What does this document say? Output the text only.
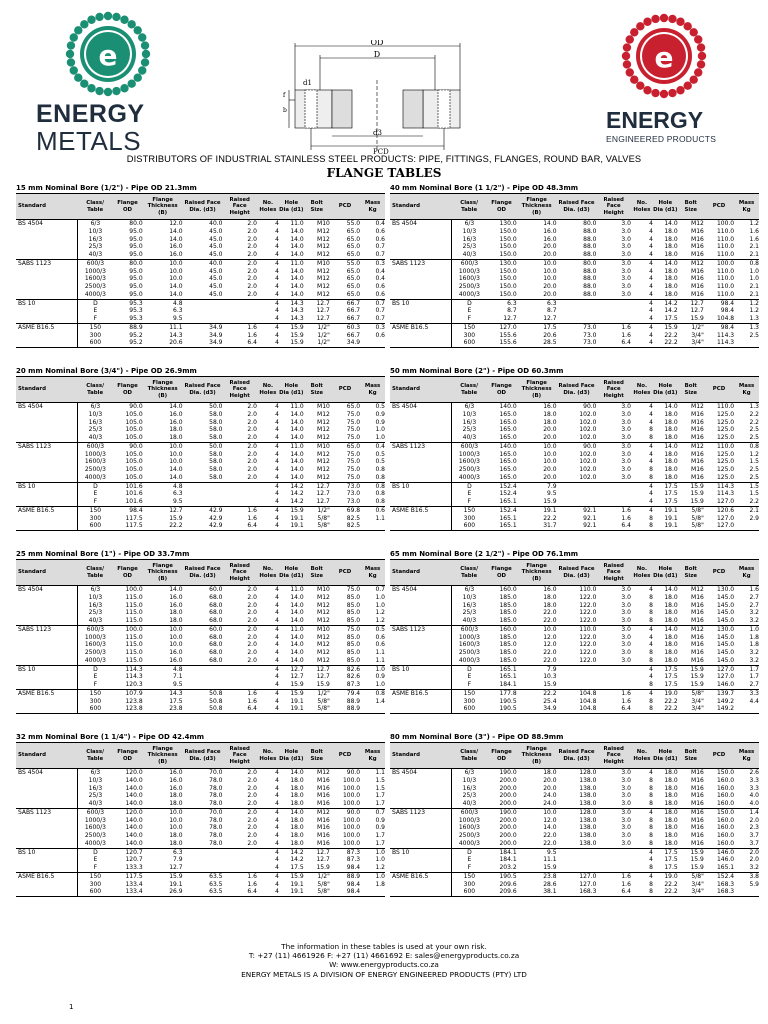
e
ENERGY
METALS
OD
D
d1
d3
PCD
b
f
e
ENERGY
ENGINEERED PRODUCTS
DISTRIBUTORS OF INDUSTRIAL STAINLESS STEEL PRODUCTS: PIPE, FITTINGS, FLANGES, ROUND BAR, VALVES
FLANGE TABLES
15 mm Nominal Bore (1/2") - Pipe OD 21.3mm
Standard	Class/ Table	Flange OD	Flange Thickness (B)	Raised Face Dia. (d3)	Raised Face Height	No. Holes	Hole Dia (d1)	Bolt Size	PCD	Mass Kg
BS 4504	6/3	80.0	12.0	40.0	2.0	4	11.0	M10	55.0	0.4
	10/3	95.0	14.0	45.0	2.0	4	14.0	M12	65.0	0.6
	16/3	95.0	14.0	45.0	2.0	4	14.0	M12	65.0	0.6
	25/3	95.0	16.0	45.0	2.0	4	14.0	M12	65.0	0.7
	40/3	95.0	16.0	45.0	2.0	4	14.0	M12	65.0	0.7
SABS 1123	600/3	80.0	10.0	40.0	2.0	4	11.0	M10	55.0	0.3
	1000/3	95.0	10.0	45.0	2.0	4	14.0	M12	65.0	0.4
	1600/3	95.0	10.0	45.0	2.0	4	14.0	M12	65.0	0.4
	2500/3	95.0	14.0	45.0	2.0	4	14.0	M12	65.0	0.6
	4000/3	95.0	14.0	45.0	2.0	4	14.0	M12	65.0	0.6
BS 10	D	95.3	4.8			4	14.3	12.7	66.7	0.7
	E	95.3	6.3			4	14.3	12.7	66.7	0.7
	F	95.3	9.5			4	14.3	12.7	66.7	0.7
ASME B16.5	150	88.9	11.1	34.9	1.6	4	15.9	1/2"	60.3	0.3
	300	95.2	14.3	34.9	1.6	4	15.9	1/2"	66.7	0.6
	600	95.2	20.6	34.9	6.4	4	15.9	1/2"	34.9	
40 mm Nominal Bore (1 1/2") - Pipe OD 48.3mm
Standard	Class/ Table	Flange OD	Flange Thickness (B)	Raised Face Dia. (d3)	Raised Face Height	No. Holes	Hole Dia (d1)	Bolt Size	PCD	Mass Kg
BS 4504	6/3	130.0	14.0	80.0	3.0	4	14.0	M12	100.0	1.2
	10/3	150.0	16.0	88.0	3.0	4	18.0	M16	110.0	1.6
	16/3	150.0	16.0	88.0	3.0	4	18.0	M16	110.0	1.6
	25/3	150.0	20.0	88.0	3.0	4	18.0	M16	110.0	2.1
	40/3	150.0	20.0	88.0	3.0	4	18.0	M16	110.0	2.1
SABS 1123	600/3	130.0	10.0	80.0	3.0	4	14.0	M12	100.0	0.8
	1000/3	150.0	10.0	88.0	3.0	4	18.0	M16	110.0	1.0
	1600/3	150.0	10.0	88.0	3.0	4	18.0	M16	110.0	1.0
	2500/3	150.0	20.0	88.0	3.0	4	18.0	M16	110.0	2.1
	4000/3	150.0	20.0	88.0	3.0	4	18.0	M16	110.0	2.1
BS 10	D	6.3	6.3			4	14.2	12.7	98.4	1.2
	E	8.7	8.7			4	14.2	12.7	98.4	1.2
	F	12.7	12.7			4	17.5	15.9	104.8	1.3
ASME B16.5	150	127.0	17.5	73.0	1.6	4	15.9	1/2"	98.4	1.3
	300	155.6	20.6	73.0	1.6	4	22.2	3/4"	114.3	2.5
	600	155.6	28.5	73.0	6.4	4	22.2	3/4"	114.3	
20 mm Nominal Bore (3/4") - Pipe OD 26.9mm
Standard	Class/ Table	Flange OD	Flange Thickness (B)	Raised Face Dia. (d3)	Raised Face Height	No. Holes	Hole Dia (d1)	Bolt Size	PCD	Mass Kg
BS 4504	6/3	90.0	14.0	50.0	2.0	4	11.0	M10	65.0	0.5
	10/3	105.0	16.0	58.0	2.0	4	14.0	M12	75.0	0.9
	16/3	105.0	16.0	58.0	2.0	4	14.0	M12	75.0	0.9
	25/3	105.0	18.0	58.0	2.0	4	14.0	M12	75.0	1.0
	40/3	105.0	18.0	58.0	2.0	4	14.0	M12	75.0	1.0
SABS 1123	600/3	90.0	10.0	50.0	2.0	4	11.0	M10	65.0	0.4
	1000/3	105.0	10.0	58.0	2.0	4	14.0	M12	75.0	0.5
	1600/3	105.0	10.0	58.0	2.0	4	14.0	M12	75.0	0.5
	2500/3	105.0	14.0	58.0	2.0	4	14.0	M12	75.0	0.8
	4000/3	105.0	14.0	58.0	2.0	4	14.0	M12	75.0	0.8
BS 10	D	101.6	4.8			4	14.2	12.7	73.0	0.8
	E	101.6	6.3			4	14.2	12.7	73.0	0.8
	F	101.6	9.5			4	14.2	12.7	73.0	0.8
ASME B16.5	150	98.4	12.7	42.9	1.6	4	15.9	1/2"	69.8	0.6
	300	117.5	15.9	42.9	1.6	4	19.1	5/8"	82.5	1.1
	600	117.5	22.2	42.9	6.4	4	19.1	5/8"	82.5	
50 mm Nominal Bore (2") - Pipe OD 60.3mm
Standard	Class/ Table	Flange OD	Flange Thickness (B)	Raised Face Dia. (d3)	Raised Face Height	No. Holes	Hole Dia (d1)	Bolt Size	PCD	Mass Kg
BS 4504	6/3	140.0	16.0	90.0	3.0	4	14.0	M12	110.0	1.3
	10/3	165.0	18.0	102.0	3.0	4	18.0	M16	125.0	2.2
	16/3	165.0	18.0	102.0	3.0	4	18.0	M16	125.0	2.2
	25/3	165.0	20.0	102.0	3.0	8	18.0	M16	125.0	2.5
	40/3	165.0	20.0	102.0	3.0	8	18.0	M16	125.0	2.5
SABS 1123	600/3	140.0	10.0	90.0	3.0	4	14.0	M12	110.0	0.8
	1000/3	165.0	10.0	102.0	3.0	4	18.0	M16	125.0	1.2
	1600/3	165.0	10.0	102.0	3.0	4	18.0	M16	125.0	1.5
	2500/3	165.0	20.0	102.0	3.0	8	18.0	M16	125.0	2.5
	4000/3	165.0	20.0	102.0	3.0	8	18.0	M16	125.0	2.5
BS 10	D	152.4	7.9			4	17.5	15.9	114.3	1.5
	E	152.4	9.5			4	17.5	15.9	114.3	1.5
	F	165.1	15.9			4	17.5	15.9	127.0	2.2
ASME B16.5	150	152.4	19.1	92.1	1.6	4	19.1	5/8"	120.6	2.1
	300	165.1	22.2	92.1	1.6	8	19.1	5/8"	127.0	2.9
	600	165.1	31.7	92.1	6.4	8	19.1	5/8"	127.0	
25 mm Nominal Bore (1") - Pipe OD 33.7mm
Standard	Class/ Table	Flange OD	Flange Thickness (B)	Raised Face Dia. (d3)	Raised Face Height	No. Holes	Hole Dia (d1)	Bolt Size	PCD	Mass Kg
BS 4504	6/3	100.0	14.0	60.0	2.0	4	11.0	M10	75.0	0.7
	10/3	115.0	16.0	68.0	2.0	4	14.0	M12	85.0	1.0
	16/3	115.0	16.0	68.0	2.0	4	14.0	M12	85.0	1.0
	25/3	115.0	18.0	68.0	2.0	4	14.0	M12	85.0	1.2
	40/3	115.0	18.0	68.0	2.0	4	14.0	M12	85.0	1.2
SABS 1123	600/3	100.0	10.0	60.0	2.0	4	11.0	M10	75.0	0.5
	1000/3	115.0	10.0	68.0	2.0	4	14.0	M12	85.0	0.6
	1600/3	115.0	10.0	68.0	2.0	4	14.0	M12	85.0	0.6
	2500/3	115.0	16.0	68.0	2.0	4	14.0	M12	85.0	1.1
	4000/3	115.0	16.0	68.0	2.0	4	14.0	M12	85.0	1.1
BS 10	D	114.3	4.8			4	12.7	12.7	82.6	1.0
	E	114.3	7.1			4	12.7	12.7	82.6	0.9
	F	120.3	9.5			4	15.9	15.9	87.3	1.0
ASME B16.5	150	107.9	14.3	50.8	1.6	4	15.9	1/2"	79.4	0.8
	300	123.8	17.5	50.8	1.6	4	19.1	5/8"	88.9	1.4
	600	123.8	23.8	50.8	6.4	4	19.1	5/8"	88.9	
65 mm Nominal Bore (2 1/2") - Pipe OD 76.1mm
Standard	Class/ Table	Flange OD	Flange Thickness (B)	Raised Face Dia. (d3)	Raised Face Height	No. Holes	Hole Dia (d1)	Bolt Size	PCD	Mass Kg
BS 4504	6/3	160.0	16.0	110.0	3.0	4	14.0	M12	130.0	1.6
	10/3	185.0	18.0	122.0	3.0	8	18.0	M16	145.0	2.7
	16/3	185.0	18.0	122.0	3.0	8	18.0	M16	145.0	2.7
	25/3	185.0	22.0	122.0	3.0	8	18.0	M16	145.0	3.2
	40/3	185.0	22.0	122.0	3.0	8	18.0	M16	145.0	3.2
SABS 1123	600/3	160.0	10.0	110.0	3.0	4	14.0	M12	130.0	1.0
	1000/3	185.0	12.0	122.0	3.0	4	18.0	M16	145.0	1.8
	1600/3	185.0	12.0	122.0	3.0	4	18.0	M16	145.0	1.8
	2500/3	185.0	22.0	122.0	3.0	8	18.0	M16	145.0	3.2
	4000/3	185.0	22.0	122.0	3.0	8	18.0	M16	145.0	3.2
BS 10	D	165.1	7.9			4	17.5	15.9	127.0	1.7
	E	165.1	10.3			4	17.5	15.9	127.0	1.7
	F	184.1	15.9			8	17.5	15.9	146.0	2.7
ASME B16.5	150	177.8	22.2	104.8	1.6	4	19.0	5/8"	139.7	3.3
	300	190.5	25.4	104.8	1.6	8	22.2	3/4"	149.2	4.4
	600	190.5	34.9	104.8	6.4	8	22.2	3/4"	149.2	
32 mm Nominal Bore (1 1/4") - Pipe OD 42.4mm
Standard	Class/ Table	Flange OD	Flange Thickness (B)	Raised Face Dia. (d3)	Raised Face Height	No. Holes	Hole Dia (d1)	Bolt Size	PCD	Mass Kg
BS 4504	6/3	120.0	16.0	70.0	2.0	4	14.0	M12	90.0	1.1
	10/3	140.0	16.0	78.0	2.0	4	18.0	M16	100.0	1.5
	16/3	140.0	16.0	78.0	2.0	4	18.0	M16	100.0	1.5
	25/3	140.0	18.0	78.0	2.0	4	18.0	M16	100.0	1.7
	40/3	140.0	18.0	78.0	2.0	4	18.0	M16	100.0	1.7
SABS 1123	600/3	120.0	10.0	70.0	2.0	4	14.0	M12	90.0	0.7
	1000/3	140.0	10.0	78.0	2.0	4	18.0	M16	100.0	0.9
	1600/3	140.0	10.0	78.0	2.0	4	18.0	M16	100.0	0.9
	2500/3	140.0	18.0	78.0	2.0	4	18.0	M16	100.0	1.7
	4000/3	140.0	18.0	78.0	2.0	4	18.0	M16	100.0	1.7
BS 10	D	120.7	6.3			4	14.2	12.7	87.3	1.0
	E	120.7	7.9			4	14.2	12.7	87.3	1.0
	F	133.3	12.7			4	17.5	15.9	98.4	1.2
ASME B16.5	150	117.5	15.9	63.5	1.6	4	15.9	1/2"	88.9	1.0
	300	133.4	19.1	63.5	1.6	4	19.1	5/8"	98.4	1.8
	600	133.4	26.9	63.5	6.4	4	19.1	5/8"	98.4	
80 mm Nominal Bore (3") - Pipe OD 88.9mm
Standard	Class/ Table	Flange OD	Flange Thickness (B)	Raised Face Dia. (d3)	Raised Face Height	No. Holes	Hole Dia (d1)	Bolt Size	PCD	Mass Kg
BS 4504	6/3	190.0	18.0	128.0	3.0	4	18.0	M16	150.0	2.6
	10/3	200.0	20.0	138.0	3.0	8	18.0	M16	160.0	3.3
	16/3	200.0	20.0	138.0	3.0	8	18.0	M16	160.0	3.3
	25/3	200.0	24.0	138.0	3.0	8	18.0	M16	160.0	4.0
	40/3	200.0	24.0	138.0	3.0	8	18.0	M16	160.0	4.0
SABS 1123	600/3	190.0	10.0	128.0	3.0	4	18.0	M16	150.0	1.4
	1000/3	200.0	12.0	138.0	3.0	8	18.0	M16	160.0	2.0
	1600/3	200.0	14.0	138.0	3.0	8	18.0	M16	160.0	2.3
	2500/3	200.0	22.0	138.0	3.0	8	18.0	M16	160.0	3.7
	4000/3	200.0	22.0	138.0	3.0	8	18.0	M16	160.0	3.7
BS 10	D	184.1	9.5			4	17.5	15.9	146.0	2.0
	E	184.1	11.1			4	17.5	15.9	146.0	2.0
	F	203.2	15.9			8	17.5	15.9	165.1	3.2
ASME B16.5	150	190.5	23.8	127.0	1.6	4	19.0	5/8"	152.4	3.8
	300	209.6	28.6	127.0	1.6	8	22.2	3/4"	168.3	5.9
	600	209.6	38.1	168.3	6.4	8	22.2	3/4"	168.3	
The information in these tables is used at your own risk.
T: +27 (11) 4661926 F: +27 (11) 4661692 E: sales@energyproducts.co.za
W: www.energyproducts.co.za
ENERGY METALS IS A DIVISION OF ENERGY ENGINEERED PRODUCTS (PTY) LTD
1
